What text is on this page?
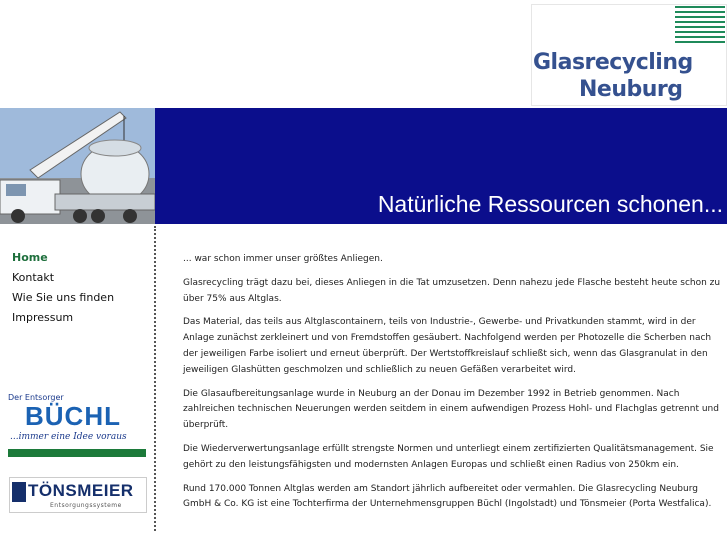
Glasrecycling
Neuburg
Natürliche Ressourcen schonen...
Home
Kontakt
Wie Sie uns finden
Impressum
Der Entsorger
BÜCHL
...immer eine Idee voraus
TÖNSMEIER
Entsorgungssysteme

... war schon immer unser größtes Anliegen.

Glasrecycling trägt dazu bei, dieses Anliegen in die Tat umzusetzen. Denn nahezu jede Flasche besteht heute schon zu über 75% aus Altglas.

Das Material, das teils aus Altglascontainern, teils von Industrie-, Gewerbe- und Privatkunden stammt, wird in der Anlage zunächst zerkleinert und von Fremdstoffen gesäubert. Nachfolgend werden per Photozelle die Scherben nach der jeweiligen Farbe isoliert und erneut überprüft. Der Wertstoffkreislauf schließt sich, wenn das Glasgranulat in den jeweiligen Glashütten geschmolzen und schließlich zu neuen Gefäßen verarbeitet wird.

Die Glasaufbereitungsanlage wurde in Neuburg an der Donau im Dezember 1992 in Betrieb genommen. Nach zahlreichen technischen Neuerungen werden seitdem in einem aufwendigen Prozess Hohl- und Flachglas getrennt und überprüft.

Die Wiederverwertungsanlage erfüllt strengste Normen und unterliegt einem zertifizierten Qualitätsmanagement. Sie gehört zu den leistungsfähigsten und modernsten Anlagen Europas und schließt einen Radius von 250km ein.

Rund 170.000 Tonnen Altglas werden am Standort jährlich aufbereitet oder vermahlen. Die Glasrecycling Neuburg GmbH & Co. KG ist eine Tochterfirma der Unternehmensgruppen Büchl (Ingolstadt) und Tönsmeier (Porta Westfalica).
